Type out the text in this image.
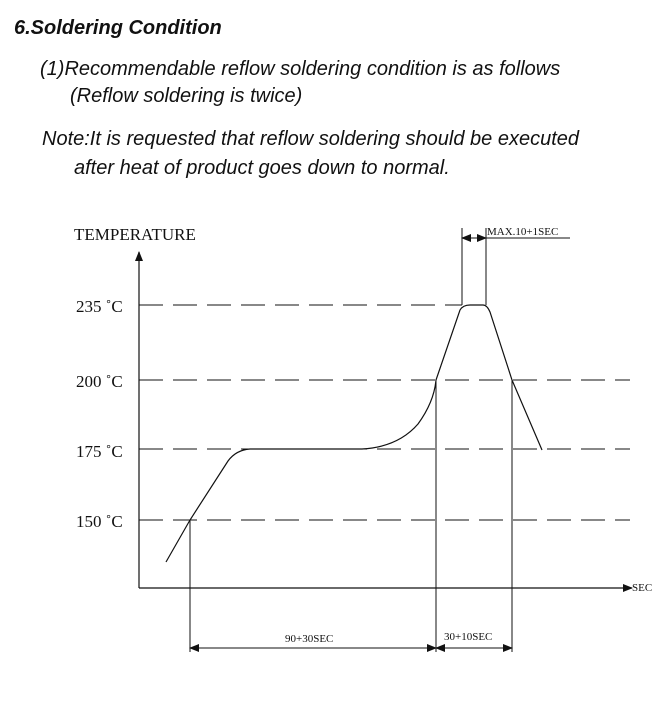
6.Soldering Condition

(1)Recommendable reflow soldering condition is as follows

(Reflow soldering is twice)

Note:It is requested that reflow soldering should be executed

after heat of product goes down to normal.

TEMPERATURE
SEC
235 ˚C
200 ˚C
175 ˚C
150 ˚C
MAX.10+1SEC
90+30SEC	30+10SEC
